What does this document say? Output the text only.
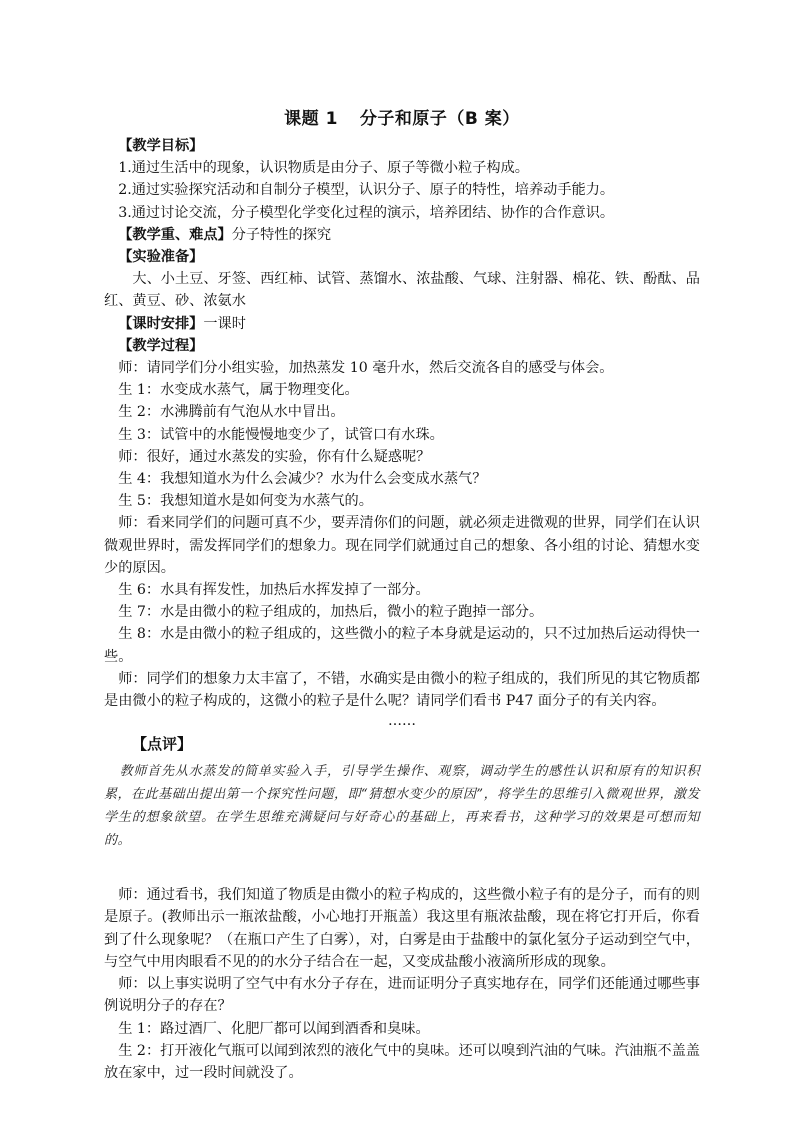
课题 1 分子和原子（B 案）

【教学目标】

1.通过生活中的现象，认识物质是由分子、原子等微小粒子构成。

2.通过实验探究活动和自制分子模型，认识分子、原子的特性，培养动手能力。

3.通过讨论交流，分子模型化学变化过程的演示，培养团结、协作的合作意识。

【教学重、难点】分子特性的探究

【实验准备】

大、小土豆、牙签、西红柿、试管、蒸馏水、浓盐酸、气球、注射器、棉花、铁、酚酞、品红、黄豆、砂、浓氨水

【课时安排】一课时

【教学过程】

师：请同学们分小组实验，加热蒸发 10 毫升水，然后交流各自的感受与体会。

生 1：水变成水蒸气，属于物理变化。

生 2：水沸腾前有气泡从水中冒出。

生 3：试管中的水能慢慢地变少了，试管口有水珠。

师：很好，通过水蒸发的实验，你有什么疑惑呢？

生 4：我想知道水为什么会减少？水为什么会变成水蒸气？

生 5：我想知道水是如何变为水蒸气的。

师：看来同学们的问题可真不少，要弄清你们的问题，就必须走进微观的世界，同学们在认识微观世界时，需发挥同学们的想象力。现在同学们就通过自己的想象、各小组的讨论、猜想水变少的原因。

生 6：水具有挥发性，加热后水挥发掉了一部分。

生 7：水是由微小的粒子组成的，加热后，微小的粒子跑掉一部分。

生 8：水是由微小的粒子组成的，这些微小的粒子本身就是运动的，只不过加热后运动得快一些。

师：同学们的想象力太丰富了，不错，水确实是由微小的粒子组成的，我们所见的其它物质都是由微小的粒子构成的，这微小的粒子是什么呢？请同学们看书 P47 面分子的有关内容。

……

【点评】

教师首先从水蒸发的简单实验入手，引导学生操作、观察，调动学生的感性认识和原有的知识积累，在此基础出提出第一个探究性问题，即“猜想水变少的原因”，将学生的思维引入微观世界，激发学生的想象欲望。在学生思维充满疑问与好奇心的基础上，再来看书，这种学习的效果是可想而知的。

师：通过看书，我们知道了物质是由微小的粒子构成的，这些微小粒子有的是分子，而有的则是原子。(教师出示一瓶浓盐酸，小心地打开瓶盖）我这里有瓶浓盐酸，现在将它打开后，你看到了什么现象呢？（在瓶口产生了白雾），对，白雾是由于盐酸中的氯化氢分子运动到空气中，与空气中用肉眼看不见的的水分子结合在一起，又变成盐酸小液滴所形成的现象。

师：以上事实说明了空气中有水分子存在，进而证明分子真实地存在，同学们还能通过哪些事例说明分子的存在？

生 1：路过酒厂、化肥厂都可以闻到酒香和臭味。

生 2：打开液化气瓶可以闻到浓烈的液化气中的臭味。还可以嗅到汽油的气味。汽油瓶不盖盖放在家中，过一段时间就没了。
